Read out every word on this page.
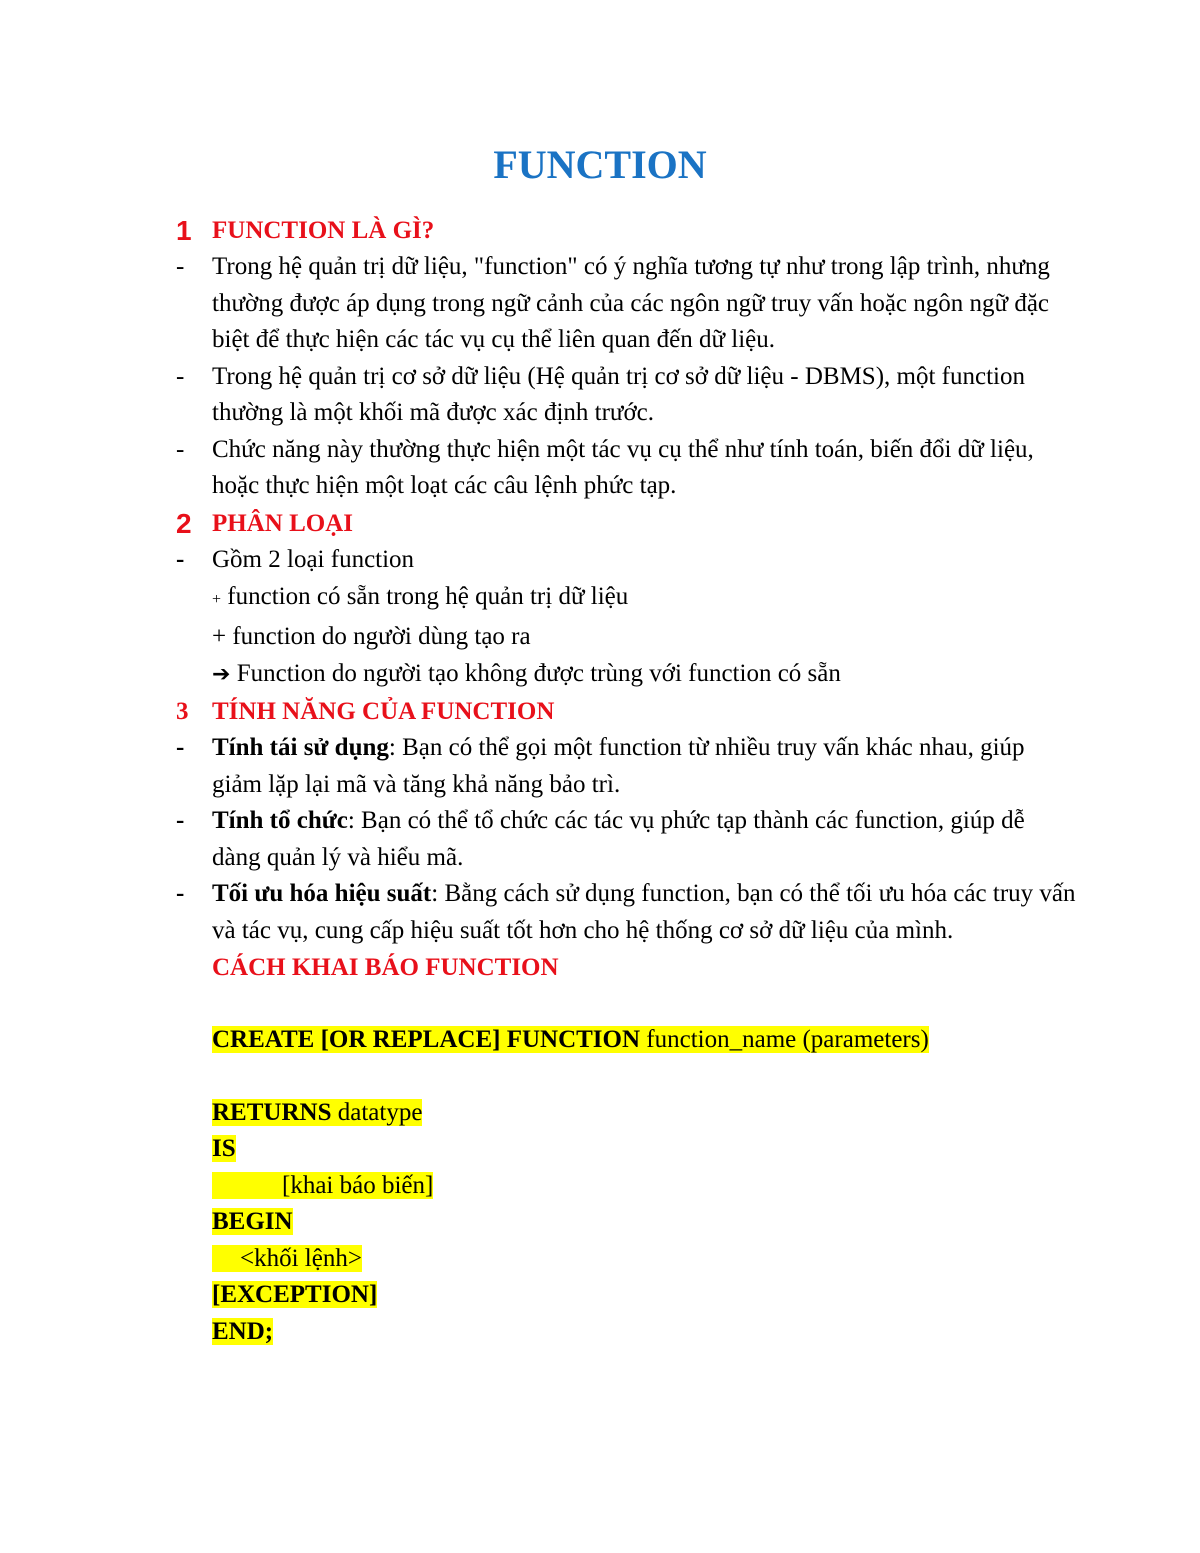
FUNCTION

1 FUNCTION LÀ GÌ?

- Trong hệ quản trị dữ liệu, "function" có ý nghĩa tương tự như trong lập trình, nhưng thường được áp dụng trong ngữ cảnh của các ngôn ngữ truy vấn hoặc ngôn ngữ đặc biệt để thực hiện các tác vụ cụ thể liên quan đến dữ liệu.

- Trong hệ quản trị cơ sở dữ liệu (Hệ quản trị cơ sở dữ liệu - DBMS), một function thường là một khối mã được xác định trước.

- Chức năng này thường thực hiện một tác vụ cụ thể như tính toán, biến đổi dữ liệu, hoặc thực hiện một loạt các câu lệnh phức tạp.

2 PHÂN LOẠI

- Gồm 2 loại function

+ function có sẵn trong hệ quản trị dữ liệu

+ function do người dùng tạo ra

➔ Function do người tạo không được trùng với function có sẵn

3 TÍNH NĂNG CỦA FUNCTION

- Tính tái sử dụng: Bạn có thể gọi một function từ nhiều truy vấn khác nhau, giúp giảm lặp lại mã và tăng khả năng bảo trì.

- Tính tổ chức: Bạn có thể tổ chức các tác vụ phức tạp thành các function, giúp dễ dàng quản lý và hiểu mã.

- Tối ưu hóa hiệu suất: Bằng cách sử dụng function, bạn có thể tối ưu hóa các truy vấn và tác vụ, cung cấp hiệu suất tốt hơn cho hệ thống cơ sở dữ liệu của mình.

CÁCH KHAI BÁO FUNCTION

CREATE [OR REPLACE] FUNCTION function_name (parameters)

RETURNS datatype

IS

[khai báo biến]

BEGIN

<khối lệnh>

[EXCEPTION]

END;
